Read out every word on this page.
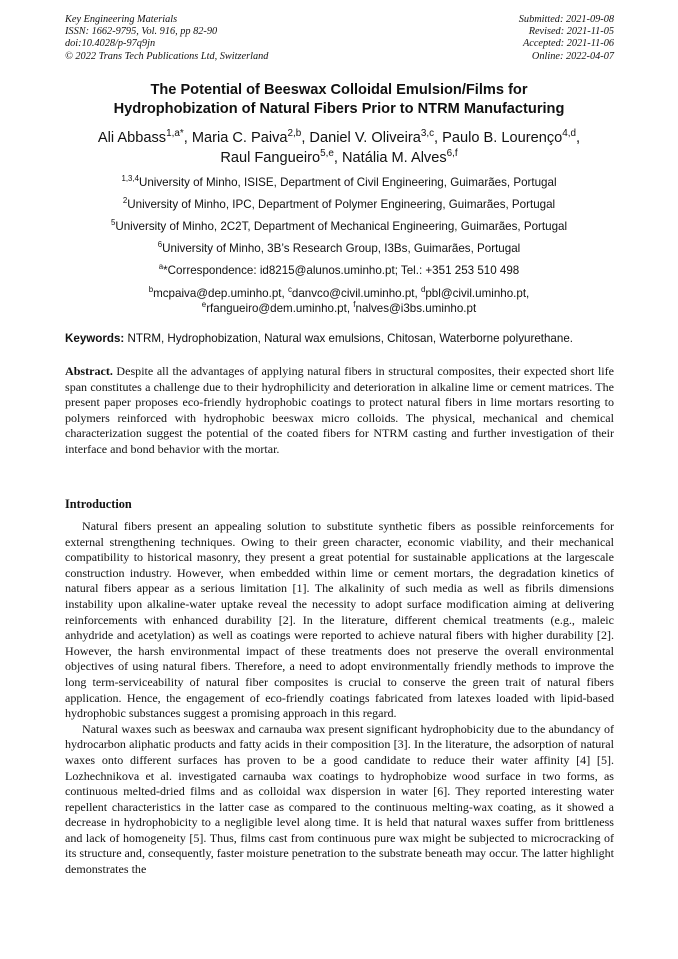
Key Engineering Materials
ISSN: 1662-9795, Vol. 916, pp 82-90
doi:10.4028/p-97q9jn
© 2022 Trans Tech Publications Ltd, Switzerland
Submitted: 2021-09-08
Revised: 2021-11-05
Accepted: 2021-11-06
Online: 2022-04-07
The Potential of Beeswax Colloidal Emulsion/Films for
Hydrophobization of Natural Fibers Prior to NTRM Manufacturing
Ali Abbass$^{1,a*}$, Maria C. Paiva$^{2,b}$, Daniel V. Oliveira$^{3,c}$, Paulo B. Lourenço$^{4,d}$,
Raul Fangueiro$^{5,e}$, Natália M. Alves$^{6,f}$
$^{1,3,4}$University of Minho, ISISE, Department of Civil Engineering, Guimarães, Portugal
$^2$University of Minho, IPC, Department of Polymer Engineering, Guimarães, Portugal
$^5$University of Minho, 2C2T, Department of Mechanical Engineering, Guimarães, Portugal
$^6$University of Minho, 3B’s Research Group, I3Bs, Guimarães, Portugal
$^a$*Correspondence: id8215@alunos.uminho.pt; Tel.: +351 253 510 498
$^b$mcpaiva@dep.uminho.pt, $^c$danvco@civil.uminho.pt, $^d$pbl@civil.uminho.pt,
$^e$rfangueiro@dem.uminho.pt, $^f$nalves@i3bs.uminho.pt
Keywords: NTRM, Hydrophobization, Natural wax emulsions, Chitosan, Waterborne polyurethane.
Abstract. Despite all the advantages of applying natural fibers in structural composites, their expected short life span constitutes a challenge due to their hydrophilicity and deterioration in alkaline lime or cement matrices. The present paper proposes eco-friendly hydrophobic coatings to protect natural fibers in lime mortars resorting to polymers reinforced with hydrophobic beeswax micro colloids. The physical, mechanical and chemical characterization suggest the potential of the coated fibers for NTRM casting and further investigation of their interface and bond behavior with the mortar.
Introduction

Natural fibers present an appealing solution to substitute synthetic fibers as possible reinforcements for external strengthening techniques. Owing to their green character, economic viability, and their mechanical compatibility to historical masonry, they present a great potential for sustainable applications at the largescale construction industry. However, when embedded within lime or cement mortars, the degradation kinetics of natural fibers appear as a serious limitation [1]. The alkalinity of such media as well as fibrils dimensions instability upon alkaline-water uptake reveal the necessity to adopt surface modification aiming at delivering reinforcements with enhanced durability [2]. In the literature, different chemical treatments (e.g., maleic anhydride and acetylation) as well as coatings were reported to achieve natural fibers with higher durability [2]. However, the harsh environmental impact of these treatments does not preserve the overall environmental objectives of using natural fibers. Therefore, a need to adopt environmentally friendly methods to improve the long term-serviceability of natural fiber composites is crucial to conserve the green trait of natural fibers application. Hence, the engagement of eco-friendly coatings fabricated from latexes loaded with lipid-based hydrophobic substances suggest a promising approach in this regard.

Natural waxes such as beeswax and carnauba wax present significant hydrophobicity due to the abundancy of hydrocarbon aliphatic products and fatty acids in their composition [3]. In the literature, the adsorption of natural waxes onto different surfaces has proven to be a good candidate to reduce their water affinity [4] [5]. Lozhechnikova et al. investigated carnauba wax coatings to hydrophobize wood surface in two forms, as continuous melted-dried films and as colloidal wax dispersion in water [6]. They reported interesting water repellent characteristics in the latter case as compared to the continuous melting-wax coating, as it showed a decrease in hydrophobicity to a negligible level along time. It is held that natural waxes suffer from brittleness and lack of homogeneity [5]. Thus, films cast from continuous pure wax might be subjected to microcracking of its structure and, consequently, faster moisture penetration to the substrate beneath may occur. The latter highlight demonstrates the
